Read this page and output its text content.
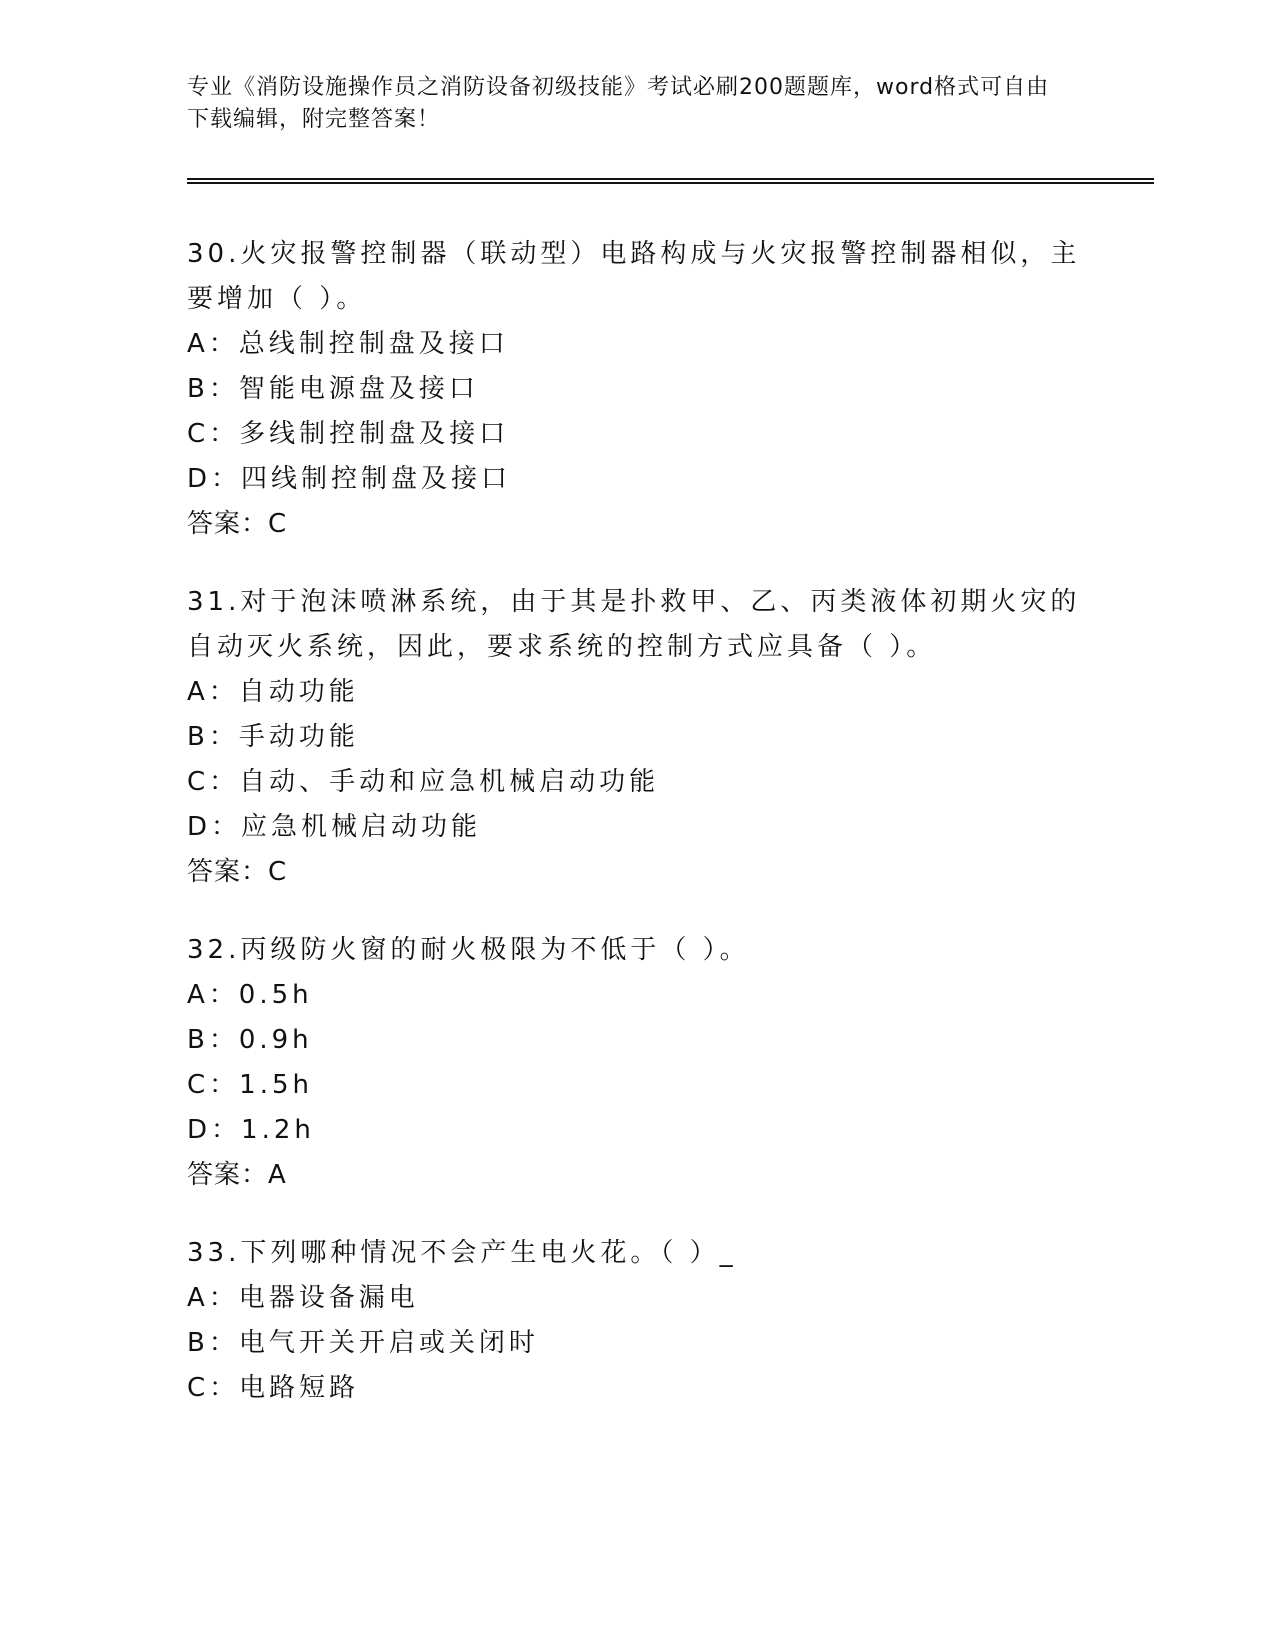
专业《消防设施操作员之消防设备初级技能》考试必刷200题题库，word格式可自由下载编辑，附完整答案！

30.火灾报警控制器（联动型）电路构成与火灾报警控制器相似，主要增加（ ）。

A：总线制控制盘及接口

B：智能电源盘及接口

C：多线制控制盘及接口

D：四线制控制盘及接口

答案：C

31.对于泡沫喷淋系统，由于其是扑救甲、乙、丙类液体初期火灾的自动灭火系统，因此，要求系统的控制方式应具备（ ）。

A：自动功能

B：手动功能

C：自动、手动和应急机械启动功能

D：应急机械启动功能

答案：C

32.丙级防火窗的耐火极限为不低于（ ）。

A：0.5h

B：0.9h

C：1.5h

D：1.2h

答案：A

33.下列哪种情况不会产生电火花。（ ）_

A：电器设备漏电

B：电气开关开启或关闭时

C：电路短路
